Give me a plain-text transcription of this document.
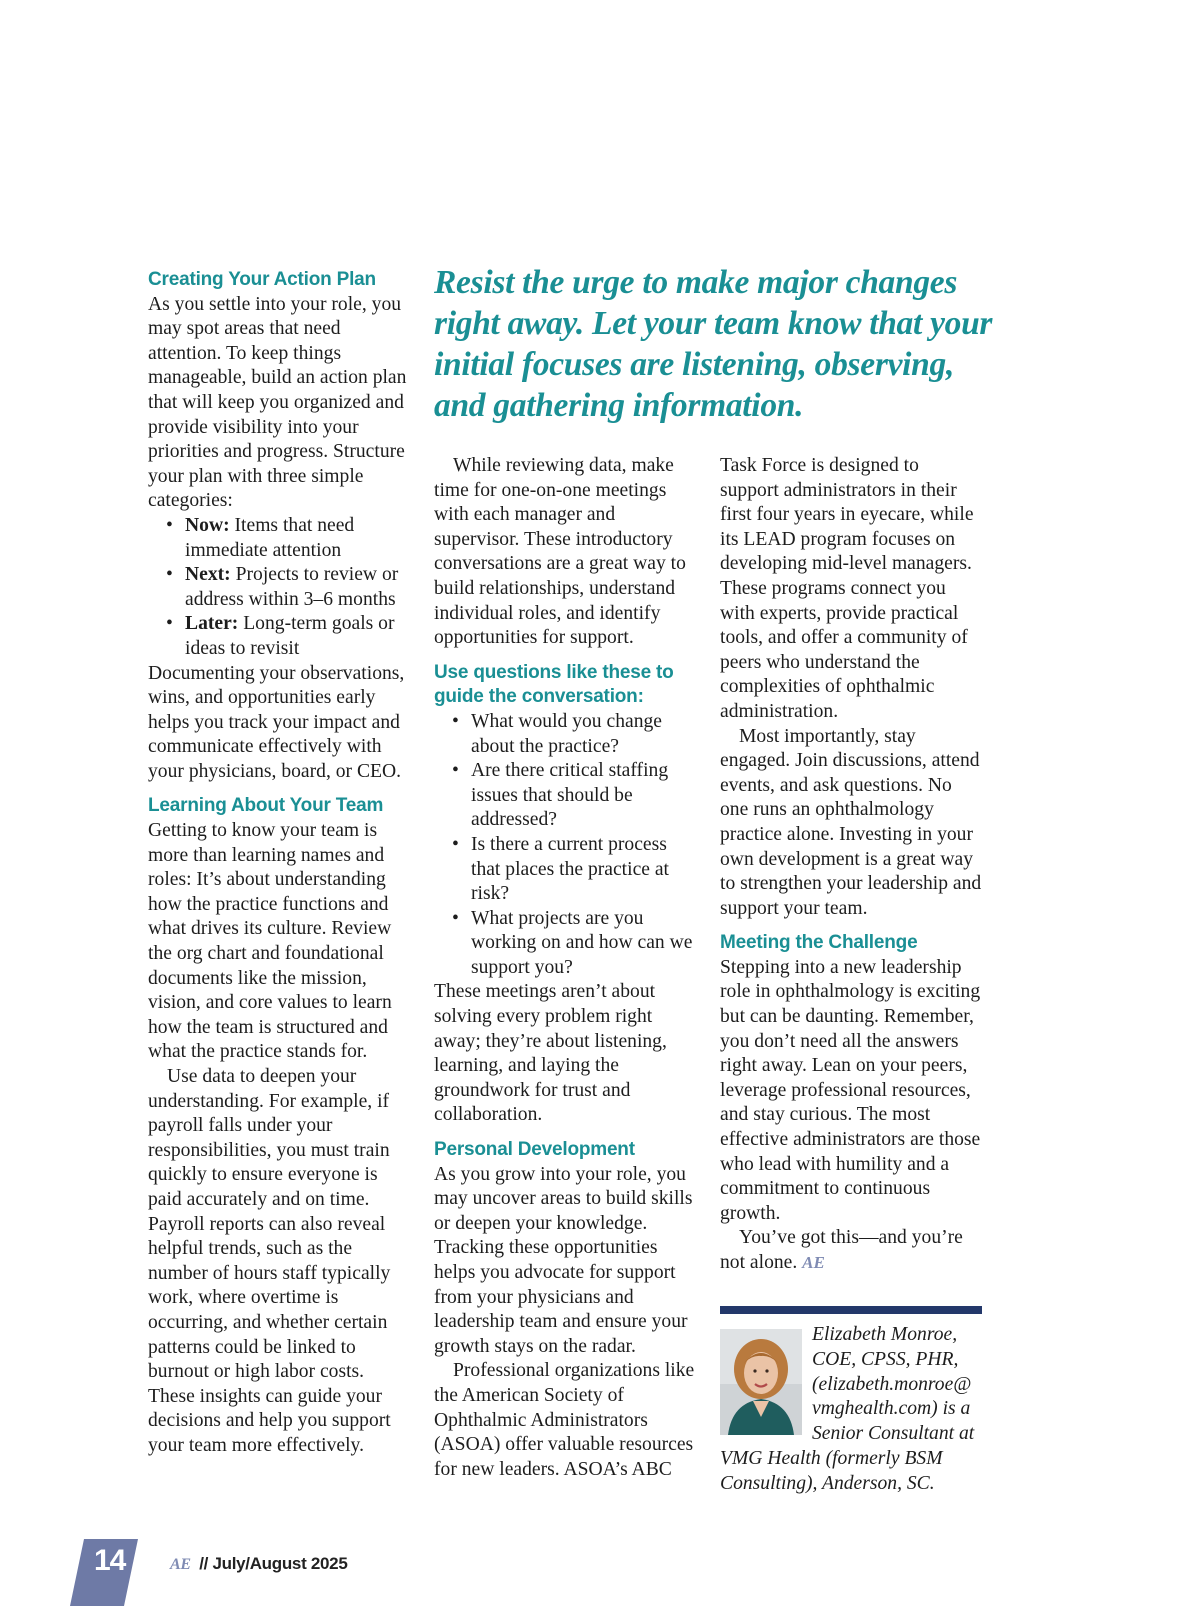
Resist the urge to make major changes right away. Let your team know that your initial focuses are listening, observing, and gathering information.
Creating Your Action Plan

As you settle into your role, you may spot areas that need attention. To keep things manageable, build an action plan that will keep you organized and provide visibility into your priorities and progress. Structure your plan with three simple categories:

• Now: Items that need immediate attention
• Next: Projects to review or address within 3–6 months
• Later: Long-term goals or ideas to revisit

Documenting your observations, wins, and opportunities early helps you track your impact and communicate effectively with your physicians, board, or CEO.

Learning About Your Team

Getting to know your team is more than learning names and roles: It’s about understanding how the practice functions and what drives its culture. Review the org chart and foundational documents like the mission, vision, and core values to learn how the team is structured and what the practice stands for.

Use data to deepen your understanding. For example, if payroll falls under your responsibilities, you must train quickly to ensure everyone is paid accurately and on time. Payroll reports can also reveal helpful trends, such as the number of hours staff typically work, where overtime is occurring, and whether certain patterns could be linked to burnout or high labor costs. These insights can guide your decisions and help you support your team more effectively.

While reviewing data, make time for one-on-one meetings with each manager and supervisor. These introductory conversations are a great way to build relationships, understand individual roles, and identify opportunities for support.

Use questions like these to guide the conversation:
• What would you change about the practice?
• Are there critical staffing issues that should be addressed?
• Is there a current process that places the practice at risk?
• What projects are you working on and how can we support you?

These meetings aren’t about solving every problem right away; they’re about listening, learning, and laying the groundwork for trust and collaboration.

Personal Development

As you grow into your role, you may uncover areas to build skills or deepen your knowledge. Tracking these opportunities helps you advocate for support from your physicians and leadership team and ensure your growth stays on the radar.

Professional organizations like the American Society of Ophthalmic Administrators (ASOA) offer valuable resources for new leaders. ASOA’s ABC

Task Force is designed to support administrators in their first four years in eyecare, while its LEAD program focuses on developing mid-level managers. These programs connect you with experts, provide practical tools, and offer a community of peers who understand the complexities of ophthalmic administration.

Most importantly, stay engaged. Join discussions, attend events, and ask questions. No one runs an ophthalmology practice alone. Investing in your own development is a great way to strengthen your leadership and support your team.

Meeting the Challenge

Stepping into a new leadership role in ophthalmology is exciting but can be daunting. Remember, you don’t need all the answers right away. Lean on your peers, leverage professional resources, and stay curious. The most effective administrators are those who lead with humility and a commitment to continuous growth.

You’ve got this—and you’re not alone. AE

Elizabeth Monroe, COE, CPSS, PHR, (elizabeth.monroe@ vmghealth.com) is a Senior Consultant at VMG Health (formerly BSM Consulting), Anderson, SC.
14	AE // July/August 2025
